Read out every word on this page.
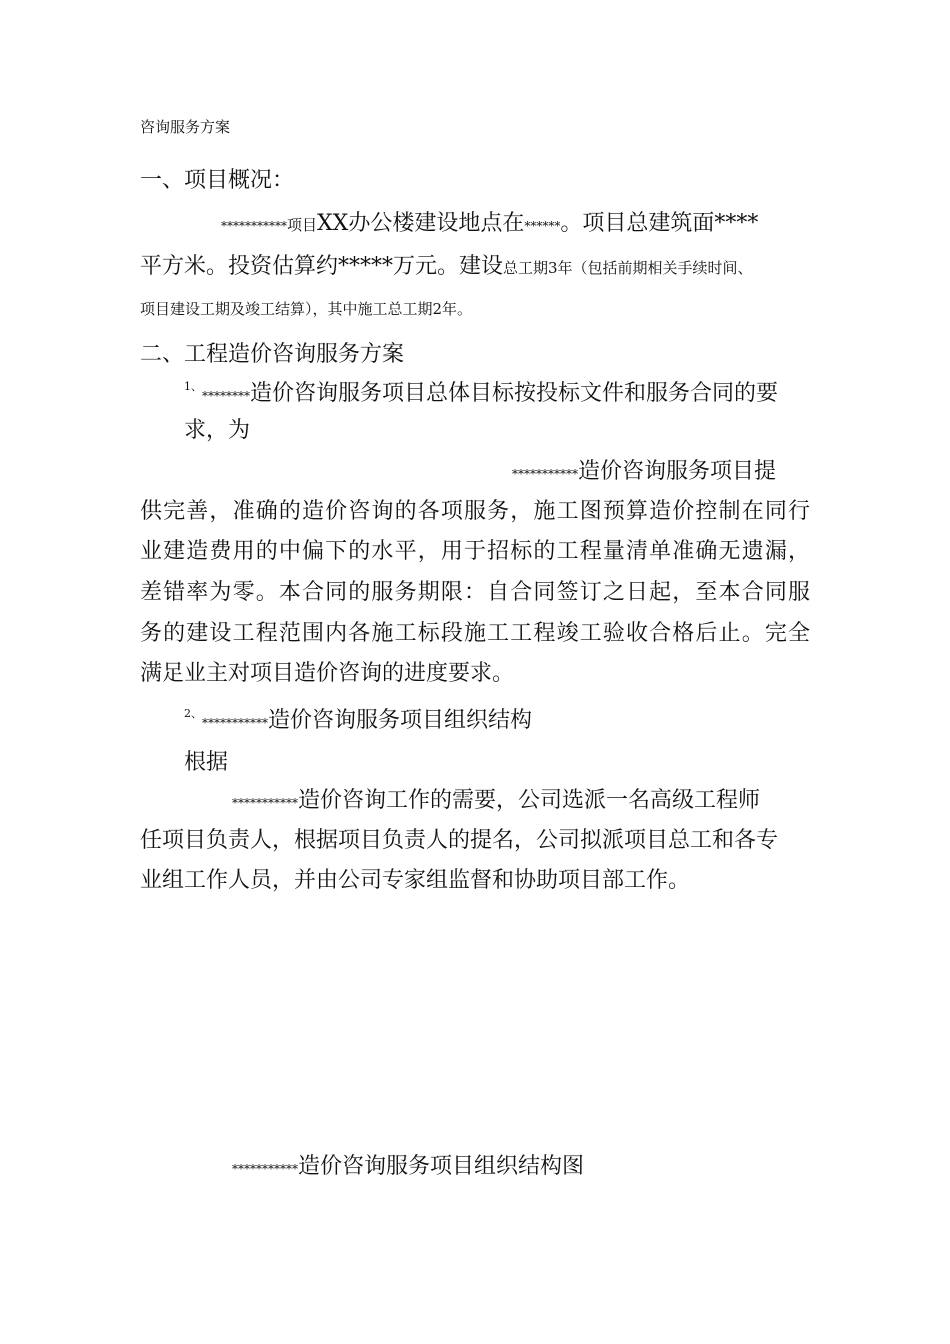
咨询服务方案
一、项目概况：
***********项目XX办公楼建设地点在******。项目总建筑面****
平方米。投资估算约*****万元。建设总工期3年（包括前期相关手续时间、
项目建设工期及竣工结算），其中施工总工期2年。
二、工程造价咨询服务方案
$^{1、}$********造价咨询服务项目总体目标按投标文件和服务合同的要
求，为
***********造价咨询服务项目提
供完善，准确的造价咨询的各项服务，施工图预算造价控制在同行
业建造费用的中偏下的水平，用于招标的工程量清单准确无遗漏，
差错率为零。本合同的服务期限：自合同签订之日起，至本合同服
务的建设工程范围内各施工标段施工工程竣工验收合格后止。完全
满足业主对项目造价咨询的进度要求。
$^{2、}$***********造价咨询服务项目组织结构
根据
***********造价咨询工作的需要，公司选派一名高级工程师
任项目负责人，根据项目负责人的提名，公司拟派项目总工和各专
业组工作人员，并由公司专家组监督和协助项目部工作。
***********造价咨询服务项目组织结构图
